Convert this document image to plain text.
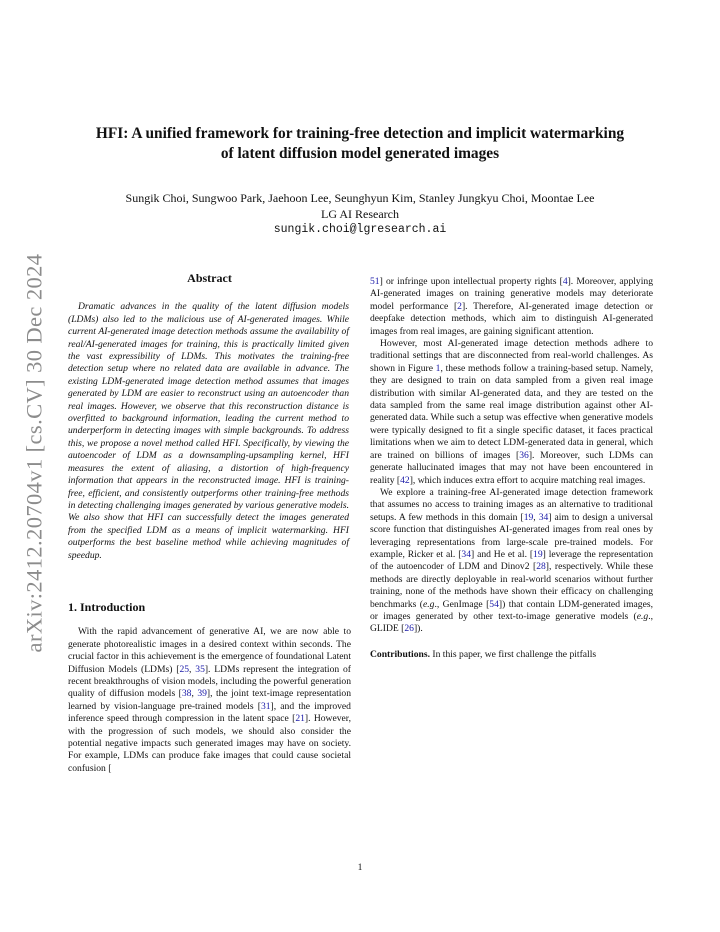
arXiv:2412.20704v1 [cs.CV] 30 Dec 2024
HFI: A unified framework for training-free detection and implicit watermarking
of latent diffusion model generated images
Sungik Choi, Sungwoo Park, Jaehoon Lee, Seunghyun Kim, Stanley Jungkyu Choi, Moontae Lee
LG AI Research
sungik.choi@lgresearch.ai
Abstract

Dramatic advances in the quality of the latent diffusion models (LDMs) also led to the malicious use of AI-generated images. While current AI-generated image detection methods assume the availability of real/AI-generated images for training, this is practically limited given the vast expressibility of LDMs. This motivates the training-free detection setup where no related data are available in advance. The existing LDM-generated image detection method assumes that images generated by LDM are easier to reconstruct using an autoencoder than real images. However, we observe that this reconstruction distance is overfitted to background information, leading the current method to underperform in detecting images with simple backgrounds. To address this, we propose a novel method called HFI. Specifically, by viewing the autoencoder of LDM as a downsampling-upsampling kernel, HFI measures the extent of aliasing, a distortion of high-frequency information that appears in the reconstructed image. HFI is training-free, efficient, and consistently outperforms other training-free methods in detecting challenging images generated by various generative models. We also show that HFI can successfully detect the images generated from the specified LDM as a means of implicit watermarking. HFI outperforms the best baseline method while achieving magnitudes of speedup.

1. Introduction

With the rapid advancement of generative AI, we are now able to generate photorealistic images in a desired context within seconds. The crucial factor in this achievement is the emergence of foundational Latent Diffusion Models (LDMs) [25, 35]. LDMs represent the integration of recent breakthroughs of vision models, including the powerful generation quality of diffusion models [38, 39], the joint text-image representation learned by vision-language pre-trained models [31], and the improved inference speed through compression in the latent space [21]. However, with the progression of such models, we should also consider the potential negative impacts such generated images may have on society. For example, LDMs can produce fake images that could cause societal confusion [

51] or infringe upon intellectual property rights [4]. Moreover, applying AI-generated images on training generative models may deteriorate model performance [2]. Therefore, AI-generated image detection or deepfake detection methods, which aim to distinguish AI-generated images from real images, are gaining significant attention.

However, most AI-generated image detection methods adhere to traditional settings that are disconnected from real-world challenges. As shown in Figure 1, these methods follow a training-based setup. Namely, they are designed to train on data sampled from a given real image distribution with similar AI-generated data, and they are tested on the data sampled from the same real image distribution against other AI-generated data. While such a setup was effective when generative models were typically designed to fit a single specific dataset, it faces practical limitations when we aim to detect LDM-generated data in general, which are trained on billions of images [36]. Moreover, such LDMs can generate hallucinated images that may not have been encountered in reality [42], which induces extra effort to acquire matching real images.

We explore a training-free AI-generated image detection framework that assumes no access to training images as an alternative to traditional setups. A few methods in this domain [19, 34] aim to design a universal score function that distinguishes AI-generated images from real ones by leveraging representations from large-scale pre-trained models. For example, Ricker et al. [34] and He et al. [19] leverage the representation of the autoencoder of LDM and Dinov2 [28], respectively. While these methods are directly deployable in real-world scenarios without further training, none of the methods have shown their efficacy on challenging benchmarks (e.g., GenImage [54]) that contain LDM-generated images, or images generated by other text-to-image generative models (e.g., GLIDE [26]).

Contributions. In this paper, we first challenge the pitfalls

1
